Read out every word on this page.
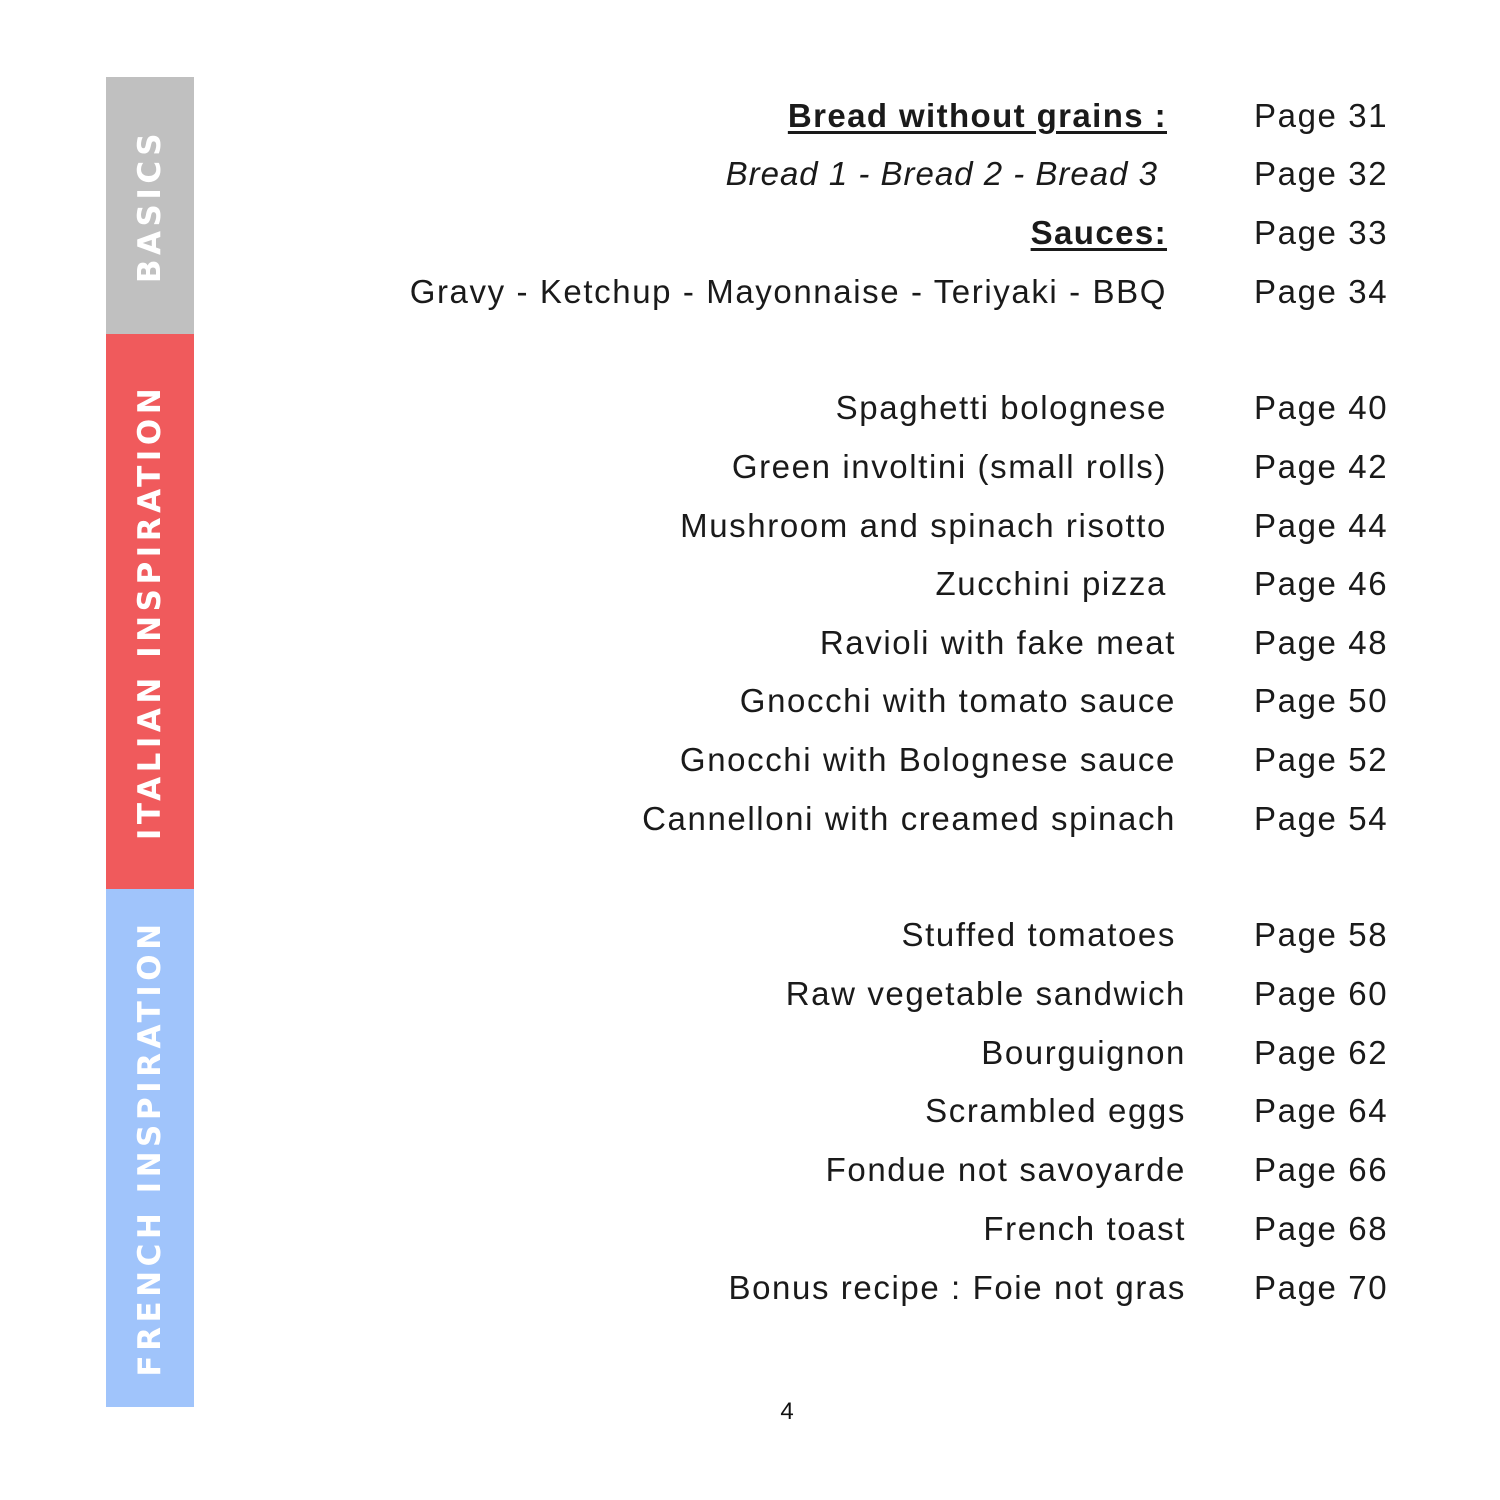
BASICS
ITALIAN INSPIRATION
FRENCH INSPIRATION
Bread without grains :	Page 31
Bread 1 - Bread 2 - Bread 3	Page 32
Sauces:	Page 33
Gravy - Ketchup - Mayonnaise - Teriyaki - BBQ	Page 34
Spaghetti bolognese	Page 40
Green involtini (small rolls)	Page 42
Mushroom and spinach risotto	Page 44
Zucchini pizza	Page 46
Ravioli with fake meat Page 48
Gnocchi with tomato sauce Page 50
Gnocchi with Bolognese sauce Page 52
Cannelloni with creamed spinach Page 54
Stuffed tomatoes Page 58
Raw vegetable sandwich Page 60
Bourguignon Page 62
Scrambled eggs Page 64
Fondue not savoyarde Page 66
French toast Page 68
Bonus recipe : Foie not gras Page 70
4
